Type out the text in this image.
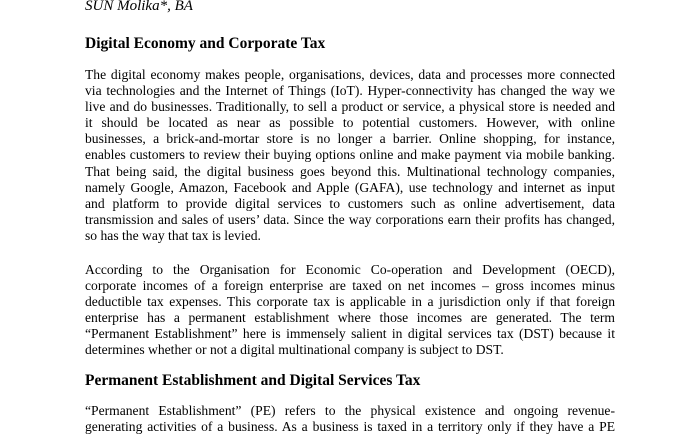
SUN Molika*, BA
Digital Economy and Corporate Tax
The digital economy makes people, organisations, devices, data and processes more connected
via technologies and the Internet of Things (IoT). Hyper-connectivity has changed the way we
live and do businesses. Traditionally, to sell a product or service, a physical store is needed and
it should be located as near as possible to potential customers. However, with online
businesses, a brick-and-mortar store is no longer a barrier. Online shopping, for instance,
enables customers to review their buying options online and make payment via mobile banking.
That being said, the digital business goes beyond this. Multinational technology companies,
namely Google, Amazon, Facebook and Apple (GAFA), use technology and internet as input
and platform to provide digital services to customers such as online advertisement, data
transmission and sales of users’ data. Since the way corporations earn their profits has changed,
so has the way that tax is levied.
According to the Organisation for Economic Co-operation and Development (OECD),
corporate incomes of a foreign enterprise are taxed on net incomes – gross incomes minus
deductible tax expenses. This corporate tax is applicable in a jurisdiction only if that foreign
enterprise has a permanent establishment where those incomes are generated. The term
“Permanent Establishment” here is immensely salient in digital services tax (DST) because it
determines whether or not a digital multinational company is subject to DST.
Permanent Establishment and Digital Services Tax
“Permanent Establishment” (PE) refers to the physical existence and ongoing revenue-
generating activities of a business. As a business is taxed in a territory only if they have a PE
